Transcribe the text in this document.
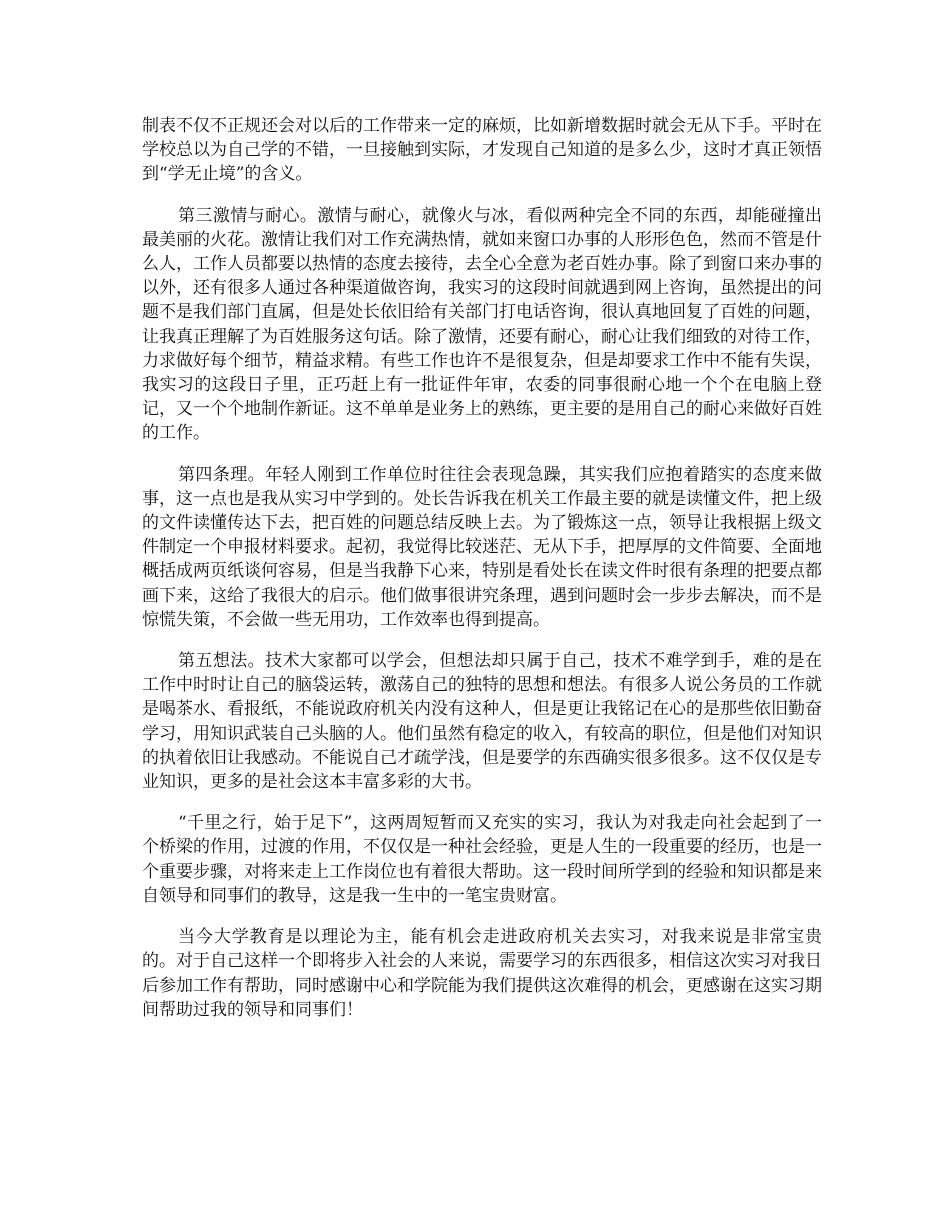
制表不仅不正规还会对以后的工作带来一定的麻烦，比如新增数据时就会无从下手。平时在学校总以为自己学的不错，一旦接触到实际，才发现自己知道的是多么少，这时才真正领悟到“学无止境”的含义。

第三激情与耐心。激情与耐心，就像火与冰，看似两种完全不同的东西，却能碰撞出最美丽的火花。激情让我们对工作充满热情，就如来窗口办事的人形形色色，然而不管是什么人，工作人员都要以热情的态度去接待，去全心全意为老百姓办事。除了到窗口来办事的以外，还有很多人通过各种渠道做咨询，我实习的这段时间就遇到网上咨询，虽然提出的问题不是我们部门直属，但是处长依旧给有关部门打电话咨询，很认真地回复了百姓的问题，让我真正理解了为百姓服务这句话。除了激情，还要有耐心，耐心让我们细致的对待工作，力求做好每个细节，精益求精。有些工作也许不是很复杂，但是却要求工作中不能有失误，我实习的这段日子里，正巧赶上有一批证件年审，农委的同事很耐心地一个个在电脑上登记，又一个个地制作新证。这不单单是业务上的熟练，更主要的是用自己的耐心来做好百姓的工作。

第四条理。年轻人刚到工作单位时往往会表现急躁，其实我们应抱着踏实的态度来做事，这一点也是我从实习中学到的。处长告诉我在机关工作最主要的就是读懂文件，把上级的文件读懂传达下去，把百姓的问题总结反映上去。为了锻炼这一点，领导让我根据上级文件制定一个申报材料要求。起初，我觉得比较迷茫、无从下手，把厚厚的文件简要、全面地概括成两页纸谈何容易，但是当我静下心来，特别是看处长在读文件时很有条理的把要点都画下来，这给了我很大的启示。他们做事很讲究条理，遇到问题时会一步步去解决，而不是惊慌失策，不会做一些无用功，工作效率也得到提高。

第五想法。技术大家都可以学会，但想法却只属于自己，技术不难学到手，难的是在工作中时时让自己的脑袋运转，激荡自己的独特的思想和想法。有很多人说公务员的工作就是喝茶水、看报纸，不能说政府机关内没有这种人，但是更让我铭记在心的是那些依旧勤奋学习，用知识武装自己头脑的人。他们虽然有稳定的收入，有较高的职位，但是他们对知识的执着依旧让我感动。不能说自己才疏学浅，但是要学的东西确实很多很多。这不仅仅是专业知识，更多的是社会这本丰富多彩的大书。

“千里之行，始于足下”，这两周短暂而又充实的实习，我认为对我走向社会起到了一个桥梁的作用，过渡的作用，不仅仅是一种社会经验，更是人生的一段重要的经历，也是一个重要步骤，对将来走上工作岗位也有着很大帮助。这一段时间所学到的经验和知识都是来自领导和同事们的教导，这是我一生中的一笔宝贵财富。

当今大学教育是以理论为主，能有机会走进政府机关去实习，对我来说是非常宝贵的。对于自己这样一个即将步入社会的人来说，需要学习的东西很多，相信这次实习对我日后参加工作有帮助，同时感谢中心和学院能为我们提供这次难得的机会，更感谢在这实习期间帮助过我的领导和同事们！
